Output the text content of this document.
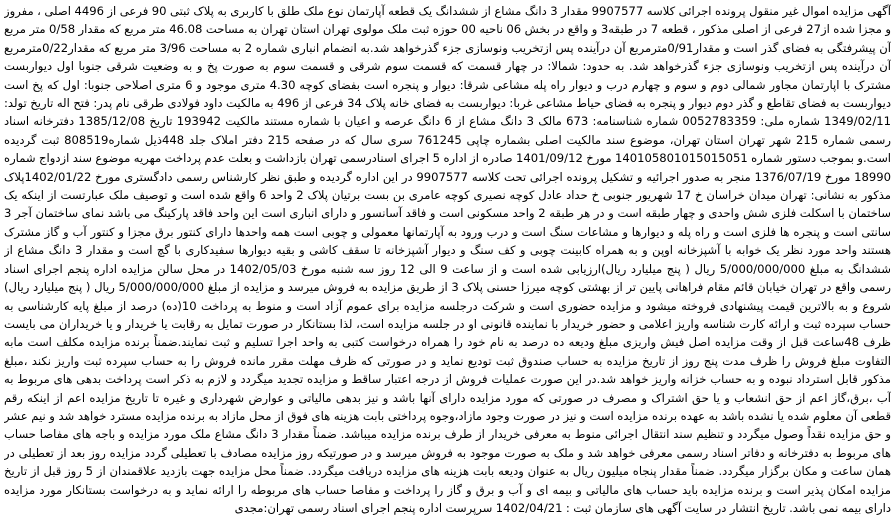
آگهی مزایده اموال غیر منقول پرونده اجرائی کلاسه 9907577 مقدار 3 دانگ مشاع از ششدانگ یک قطعه آپارتمان نوع ملک طلق با کاربری به پلاک ثبتی 90 فرعی از 4496 اصلی ، مفروز و مجزا شده از27 فرعی از اصلی مذکور ، قطعه 7 در طبقه3 و واقع در بخش 06 ناحیه 00 حوزه ثبت ملک مولوی تهران استان تهران به مساحت 46.08 متر مربع که مقدار 0/58 متر مربع آن پیشرفتگی به فضای گذر است و مقدار0/91مترمربع آن درآینده پس ازتخریب ونوسازی جزء گذرخواهد شد.به انضمام انباری شماره 2 به مساحت 3/96 متر مربع که مقدار0/22مترمربع آن درآینده پس ازتخریب ونوسازی جزء گذرخواهد شد. به حدود: شمالا: در چهار قسمت که قسمت سوم شرقی و قسمت سوم به صورت پخ و به وضعیت شرقی جنوبا اول دیواربست مشترک با اپارتمان مجاور شمالی دوم و سوم و چهارم درب و دیوار راه پله مشاعی شرقا: دیوار و پنجره است بفضای کوچه 4.30 متری موجود و 6 متری اصلاحی جنوبا: اول که پخ است دیواربست به فضای تقاطع و گذر دوم دیوار و پنجره به فضای حیاط مشاعی غربا: دیواربست به فضای خانه پلاک 34 فرعی از 496 به مالکیت داود فولادی طرقی نام پدر: فتح اله تاریخ تولد: 1349/02/11 شماره ملی: 0052783359 شماره شناسنامه: 673 مالک 3 دانگ مشاع از 6 دانگ عرصه و اعیان با شماره مستند مالکیت 193942 تاریخ 1385/12/08 دفترخانه اسناد رسمی شماره 215 شهر تهران استان تهران، موضوع سند مالکیت اصلی بشماره چاپی 761245 سری سال که در صفحه 215 دفتر املاک جلد 448ذیل شماره808519 ثبت گردیده است.و بموجب دستور شماره 140105801015015051 مورخ 1401/09/12 صادره از اداره 5 اجرای اسنادرسمی تهران بازداشت و بعلت عدم پرداخت مهریه موضوع سند ازدواج شماره 18990 مورخ 1376/07/19 منجر به صدور اجرائیه و تشکیل پرونده اجرائی تحت کلاسه 9907577 در این اداره گردیده و طبق نظر کارشناس رسمی دادگستری مورخ 1402/01/22پلاک مذکور به نشانی: تهران میدان خراسان خ 17 شهریور جنوبی خ حداد عادل کوچه نصیری کوچه عامری بن بست برتیان پلاک 2 واحد 6 واقع شده است و توصیف ملک عبارتست از اینکه یک ساختمان با اسکلت فلزی شش واحدی و چهار طبقه است و در هر طبقه 2 واحد مسکونی است و فاقد آسانسور و دارای انباری است این واحد فاقد پارکینگ می باشد نمای ساختمان آجر 3 سانتی است و پنجره ها فلزی است و راه پله و دیوارها و مشاعات سنگ است و درب ورود به آپارتمانها معمولی و چوبی است همه واحدها دارای کنتور برق مجزا و کنتور آب و گاز مشترک هستند واحد مورد نظر یک خوابه با آشپزخانه اوپن و به همراه کابینت چوبی و کف سنگ و دیوار آشپزخانه تا سقف کاشی و بقیه دیوارها سفیدکاری با گچ است و مقدار 3 دانگ مشاع از ششدانگ به مبلغ 5/000/000/000 ریال ( پنج میلیارد ریال)ارزیابی شده است و از ساعت 9 الی 12 روز سه شنبه مورخ 1402/05/03 در محل سالن مزایده اداره پنجم اجرای اسناد رسمی واقع در تهران خیابان قائم مقام فراهانی پایین تر از بهشتی کوچه میرزا حسنی پلاک 3 از طریق مزایده به فروش میرسد و مزایده از مبلغ 5/000/000/000 ریال ( پنج میلیارد ریال) شروع و به بالاترین قیمت پیشنهادی فروخته میشود و مزایده حضوری است و شرکت درجلسه مزایده برای عموم آزاد است و منوط به پرداخت 10(ده) درصد از مبلغ پایه کارشناسی به حساب سپرده ثبت و ارائه کارت شناسه واریز اعلامی و حضور خریدار با نماینده قانونی او در جلسه مزایده است، لذا بستانکار در صورت تمایل به رقابت یا خریدار و یا خریداران می بایست ظرف 48ساعت قبل از وقت مزایده اصل فیش واریزی مبلغ ودیعه ده درصد به نام خود را همراه درخواست کتبی به واحد اجرا تسلیم و ثبت نمایند.ضمناً برنده مزایده مکلف است مابه التفاوت مبلغ فروش را ظرف مدت پنج روز از تاریخ مزایده به حساب صندوق ثبت تودیع نماید و در صورتی که ظرف مهلت مقرر مانده فروش را به حساب سپرده ثبت واریز نکند ،مبلغ مذکور قابل استرداد نبوده و به حساب خزانه واریز خواهد شد.در این صورت عملیات فروش از درجه اعتبار ساقط و مزایده تجدید میگردد و لازم به ذکر است پرداخت بدهی های مربوط به آب ،برق،گاز اعم از حق انشعاب و یا حق اشتراک و مصرف در صورتی که مورد مزایده دارای آنها باشد و نیز بدهی مالیاتی و عوارض شهرداری و غیره تا تاریخ مزایده اعم از اینکه رقم قطعی آن معلوم شده یا نشده باشد به عهده برنده مزایده است و نیز در صورت وجود مازاد،وجوه پرداختی بابت هزینه های فوق از محل مازاد به برنده مزایده مسترد خواهد شد و نیم عشر و حق مزایده نقداً وصول میگردد و تنظیم سند انتقال اجرائی منوط به معرفی خریدار از طرف برنده مزایده میباشد. ضمناً مقدار 3 دانگ مشاع ملک مورد مزایده و باجه های مفاصا حساب های مربوط به دفترخانه و دفاتر اسناد رسمی معرفی خواهد شد و ملک به صورت موجود به فروش میرسد و در صورتیکه روز مزایده مصادف با تعطیلی گردد مزایده روز بعد از تعطیلی در همان ساعت و مکان برگزار میگردد. ضمناً مقدار پنجاه میلیون ریال به عنوان ودیعه بابت هزینه های مزایده دریافت میگردد. ضمناً محل مزایده جهت بازدید علاقمندان از 5 روز قبل از تاریخ مزایده امکان پذیر است و برنده مزایده باید حساب های مالیاتی و بیمه ای و آب و برق و گاز را پرداخت و مفاصا حساب های مربوطه را ارائه نماید و به درخواست بستانکار مورد مزایده دارای بیمه نمی باشد. تاریخ انتشار در سایت آگهی های سازمان ثبت : 1402/04/21 سرپرست اداره پنجم اجرای اسناد رسمی تهران:مجدی
